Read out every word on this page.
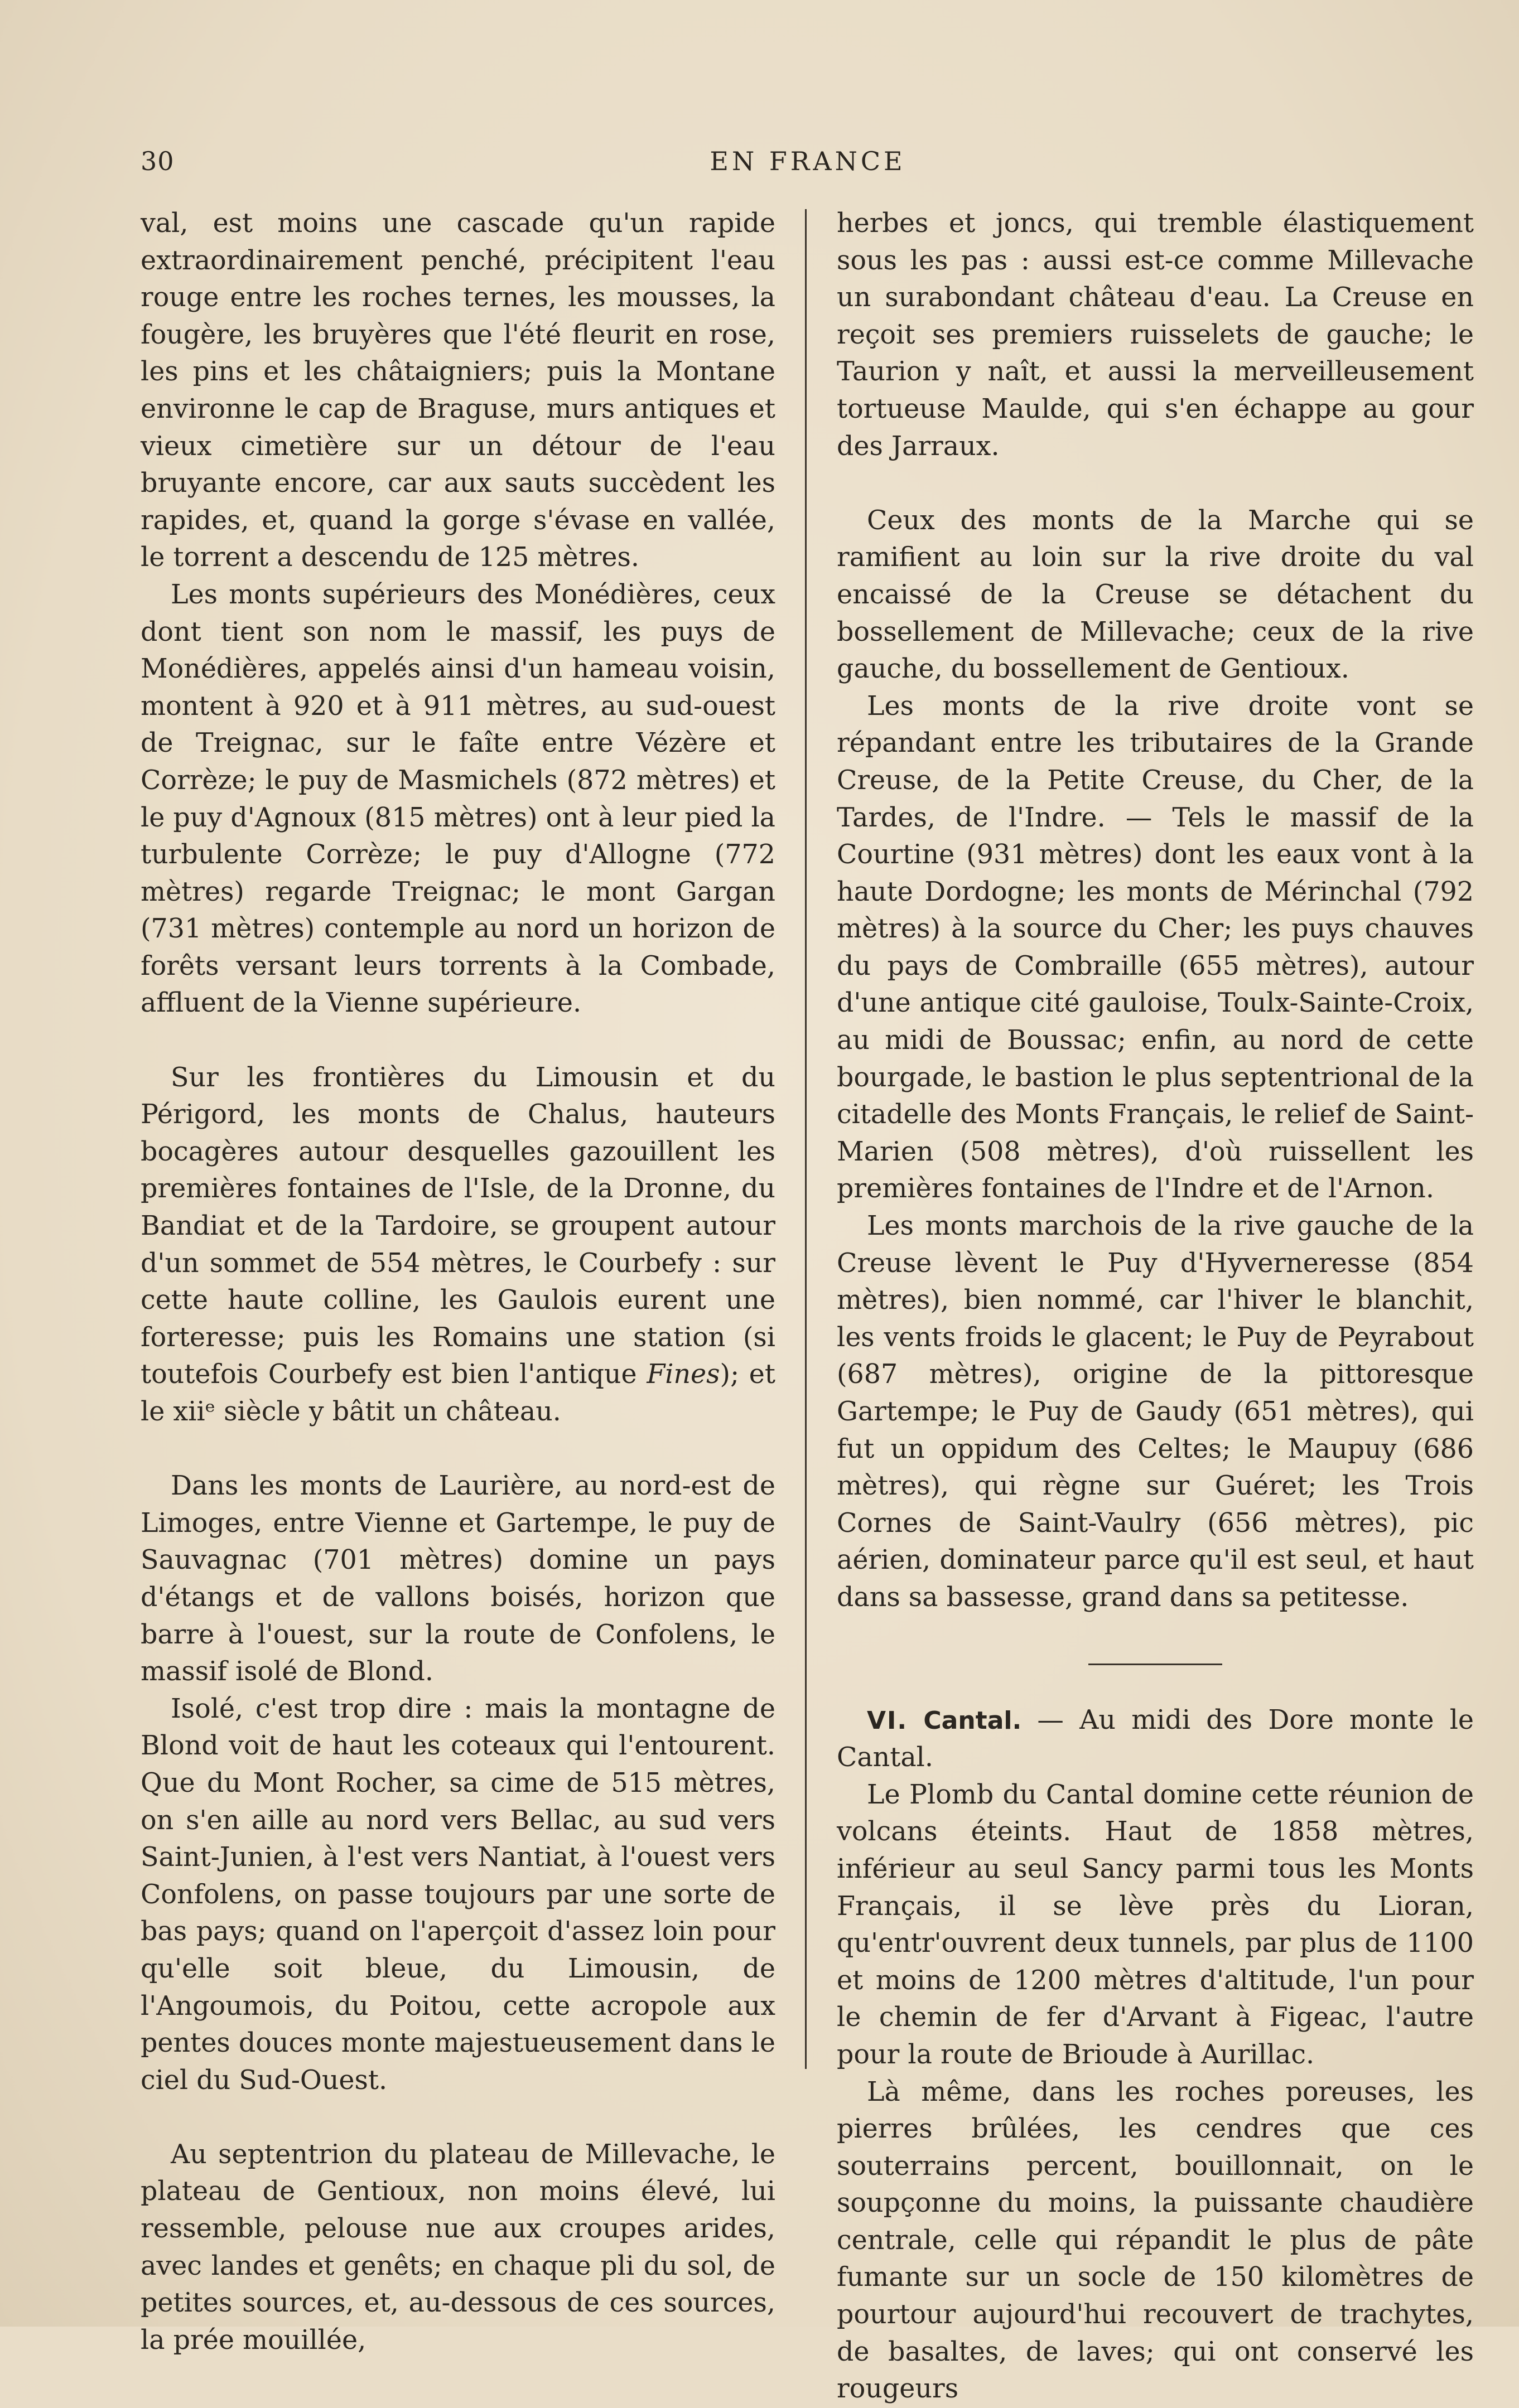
30	EN FRANCE

val, est moins une cascade qu'un rapide extraordinairement penché, précipitent l'eau rouge entre les roches ternes, les mousses, la fougère, les bruyères que l'été fleurit en rose, les pins et les châtaigniers; puis la Montane environne le cap de Braguse, murs antiques et vieux cimetière sur un détour de l'eau bruyante encore, car aux sauts succèdent les rapides, et, quand la gorge s'évase en vallée, le torrent a descendu de 125 mètres.

Les monts supérieurs des Monédières, ceux dont tient son nom le massif, les puys de Monédières, appelés ainsi d'un hameau voisin, montent à 920 et à 911 mètres, au sud-ouest de Treignac, sur le faîte entre Vézère et Corrèze; le puy de Masmichels (872 mètres) et le puy d'Agnoux (815 mètres) ont à leur pied la turbulente Corrèze; le puy d'Allogne (772 mètres) regarde Treignac; le mont Gargan (731 mètres) contemple au nord un horizon de forêts versant leurs torrents à la Combade, affluent de la Vienne supérieure.

Sur les frontières du Limousin et du Périgord, les monts de Chalus, hauteurs bocagères autour desquelles gazouillent les premières fontaines de l'Isle, de la Dronne, du Bandiat et de la Tardoire, se groupent autour d'un sommet de 554 mètres, le Courbefy : sur cette haute colline, les Gaulois eurent une forteresse; puis les Romains une station (si toutefois Courbefy est bien l'antique Fines); et le xiiᵉ siècle y bâtit un château.

Dans les monts de Laurière, au nord-est de Limoges, entre Vienne et Gartempe, le puy de Sauvagnac (701 mètres) domine un pays d'étangs et de vallons boisés, horizon que barre à l'ouest, sur la route de Confolens, le massif isolé de Blond.

Isolé, c'est trop dire : mais la montagne de Blond voit de haut les coteaux qui l'entourent. Que du Mont Rocher, sa cime de 515 mètres, on s'en aille au nord vers Bellac, au sud vers Saint-Junien, à l'est vers Nantiat, à l'ouest vers Confolens, on passe toujours par une sorte de bas pays; quand on l'aperçoit d'assez loin pour qu'elle soit bleue, du Limousin, de l'Angoumois, du Poitou, cette acropole aux pentes douces monte majestueusement dans le ciel du Sud-Ouest.

Au septentrion du plateau de Millevache, le plateau de Gentioux, non moins élevé, lui ressemble, pelouse nue aux croupes arides, avec landes et genêts; en chaque pli du sol, de petites sources, et, au-dessous de ces sources, la prée mouillée,

herbes et joncs, qui tremble élastiquement sous les pas : aussi est-ce comme Millevache un surabondant château d'eau. La Creuse en reçoit ses premiers ruisselets de gauche; le Taurion y naît, et aussi la merveilleusement tortueuse Maulde, qui s'en échappe au gour des Jarraux.

Ceux des monts de la Marche qui se ramifient au loin sur la rive droite du val encaissé de la Creuse se détachent du bossellement de Millevache; ceux de la rive gauche, du bossellement de Gentioux.

Les monts de la rive droite vont se répandant entre les tributaires de la Grande Creuse, de la Petite Creuse, du Cher, de la Tardes, de l'Indre. — Tels le massif de la Courtine (931 mètres) dont les eaux vont à la haute Dordogne; les monts de Mérinchal (792 mètres) à la source du Cher; les puys chauves du pays de Combraille (655 mètres), autour d'une antique cité gauloise, Toulx-Sainte-Croix, au midi de Boussac; enfin, au nord de cette bourgade, le bastion le plus septentrional de la citadelle des Monts Français, le relief de Saint-Marien (508 mètres), d'où ruissellent les premières fontaines de l'Indre et de l'Arnon.

Les monts marchois de la rive gauche de la Creuse lèvent le Puy d'Hyverneresse (854 mètres), bien nommé, car l'hiver le blanchit, les vents froids le glacent; le Puy de Peyrabout (687 mètres), origine de la pittoresque Gartempe; le Puy de Gaudy (651 mètres), qui fut un oppidum des Celtes; le Maupuy (686 mètres), qui règne sur Guéret; les Trois Cornes de Saint-Vaulry (656 mètres), pic aérien, dominateur parce qu'il est seul, et haut dans sa bassesse, grand dans sa petitesse.

VI. Cantal. — Au midi des Dore monte le Cantal.

Le Plomb du Cantal domine cette réunion de volcans éteints. Haut de 1858 mètres, inférieur au seul Sancy parmi tous les Monts Français, il se lève près du Lioran, qu'entr'ouvrent deux tunnels, par plus de 1100 et moins de 1200 mètres d'altitude, l'un pour le chemin de fer d'Arvant à Figeac, l'autre pour la route de Brioude à Aurillac.

Là même, dans les roches poreuses, les pierres brûlées, les cendres que ces souterrains percent, bouillonnait, on le soupçonne du moins, la puissante chaudière centrale, celle qui répandit le plus de pâte fumante sur un socle de 150 kilomètres de pourtour aujourd'hui recouvert de trachytes, de basaltes, de laves; qui ont conservé les rougeurs
